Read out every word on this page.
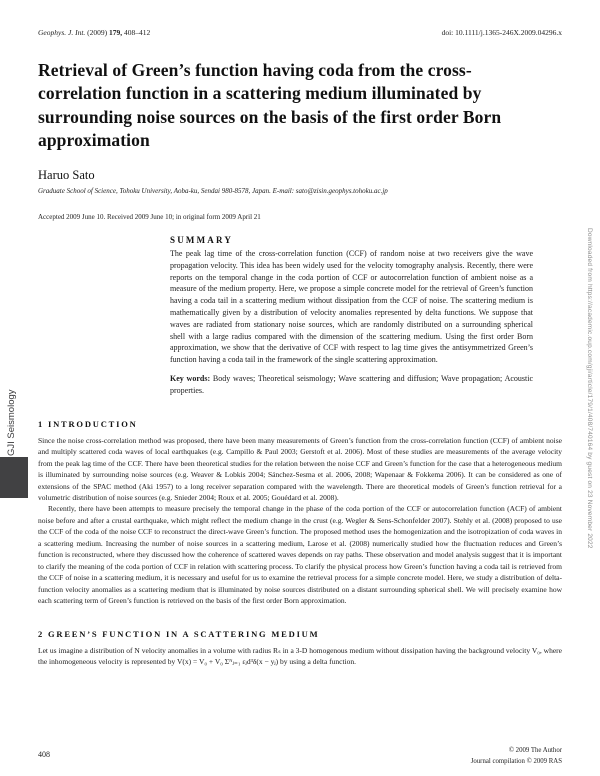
Geophys. J. Int. (2009) 179, 408–412	doi: 10.1111/j.1365-246X.2009.04296.x
Retrieval of Green’s function having coda from the cross-correlation function in a scattering medium illuminated by surrounding noise sources on the basis of the first order Born approximation
Haruo Sato
Graduate School of Science, Tohoku University, Aoba-ku, Sendai 980-8578, Japan. E-mail: sato@zisin.geophys.tohoku.ac.jp
Accepted 2009 June 10. Received 2009 June 10; in original form 2009 April 21
SUMMARY

The peak lag time of the cross-correlation function (CCF) of random noise at two receivers give the wave propagation velocity. This idea has been widely used for the velocity tomography analysis. Recently, there were reports on the temporal change in the coda portion of CCF or autocorrelation function of ambient noise as a measure of the medium property. Here, we propose a simple concrete model for the retrieval of Green’s function having a coda tail in a scattering medium without dissipation from the CCF of noise. The scattering medium is mathematically given by a distribution of velocity anomalies represented by delta functions. We suppose that waves are radiated from stationary noise sources, which are randomly distributed on a surrounding spherical shell with a large radius compared with the dimension of the scattering medium. Using the first order Born approximation, we show that the derivative of CCF with respect to lag time gives the antisymmetrized Green’s function having a coda tail in the framework of the single scattering approximation.

Key words: Body waves; Theoretical seismology; Wave scattering and diffusion; Wave propagation; Acoustic properties.

1 INTRODUCTION

Since the noise cross-correlation method was proposed, there have been many measurements of Green’s function from the cross-correlation function (CCF) of ambient noise and multiply scattered coda waves of local earthquakes (e.g. Campillo & Paul 2003; Gerstoft et al. 2006). Most of these studies are measurements of the average velocity from the peak lag time of the CCF. There have been theoretical studies for the relation between the noise CCF and Green’s function for the case that a heterogeneous medium is illuminated by surrounding noise sources (e.g. Weaver & Lobkis 2004; Sánchez-Sesma et al. 2006, 2008; Wapenaar & Fokkema 2006). It can be considered as one of extensions of the SPAC method (Aki 1957) to a long receiver separation compared with the wavelength. There are theoretical models of Green’s function retrieval for a volumetric distribution of noise sources (e.g. Snieder 2004; Roux et al. 2005; Gouédard et al. 2008).

Recently, there have been attempts to measure precisely the temporal change in the phase of the coda portion of the CCF or autocorrelation function (ACF) of ambient noise before and after a crustal earthquake, which might reflect the medium change in the crust (e.g. Wegler & Sens-Schonfelder 2007). Stehly et al. (2008) proposed to use the CCF of the coda of the noise CCF to reconstruct the direct-wave Green’s function. The proposed method uses the homogenization and the isotropization of coda waves in a scattering medium. Increasing the number of noise sources in a scattering medium, Larose et al. (2008) numerically studied how the fluctuation reduces and Green’s function is reconstructed, where they discussed how the coherence of scattered waves depends on ray paths. These observation and model analysis suggest that it is important to clarify the meaning of the coda portion of CCF in relation with scattering process. To clarify the physical process how Green’s function having a coda tail is retrieved from the CCF of noise in a scattering medium, it is necessary and useful for us to examine the retrieval process for a simple concrete model. Here, we study a distribution of delta-function velocity anomalies as a scattering medium that is illuminated by noise sources distributed on a distant surrounding spherical shell. We will precisely examine how each scattering term of Green’s function is retrieved on the basis of the first order Born approximation.

2 GREEN’S FUNCTION IN A SCATTERING MEDIUM

Let us imagine a distribution of N velocity anomalies in a volume with radius Rₛ in a 3-D homogenous medium without dissipation having the background velocity V₀, where the inhomogeneous velocity is represented by V(x) = V₀ + V₀ Σᴺⱼ₌₁ εⱼd³δ(x − yⱼ) by using a delta function.

408	© 2009 The Author
Journal compilation © 2009 RAS
GJI Seismology	Downloaded from https://academic.oup.com/gji/article/179/1/408/740164 by guest on 23 November 2022
